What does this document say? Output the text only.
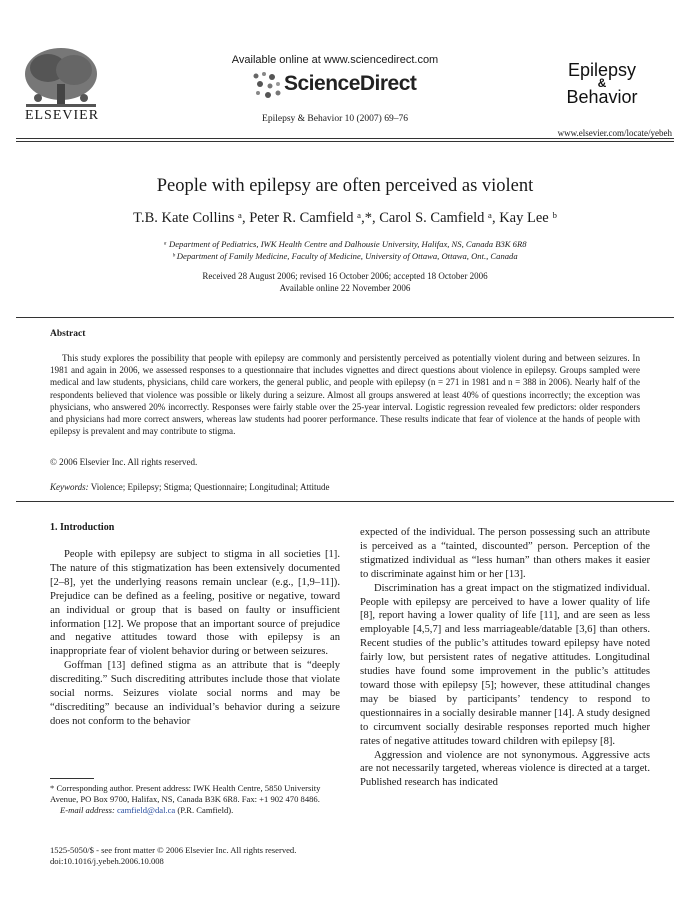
ELSEVIER
Available online at www.sciencedirect.com
ScienceDirect
Epilepsy & Behavior 10 (2007) 69–76
Epilepsy
&
Behavior
www.elsevier.com/locate/yebeh
People with epilepsy are often perceived as violent
T.B. Kate Collins ᵃ, Peter R. Camfield ᵃ,*, Carol S. Camfield ᵃ, Kay Lee ᵇ
ᵃ Department of Pediatrics, IWK Health Centre and Dalhousie University, Halifax, NS, Canada B3K 6R8
ᵇ Department of Family Medicine, Faculty of Medicine, University of Ottawa, Ottawa, Ont., Canada
Received 28 August 2006; revised 16 October 2006; accepted 18 October 2006
Available online 22 November 2006
Abstract
This study explores the possibility that people with epilepsy are commonly and persistently perceived as potentially violent during and between seizures. In 1981 and again in 2006, we assessed responses to a questionnaire that includes vignettes and direct questions about violence in epilepsy. Groups sampled were medical and law students, physicians, child care workers, the general public, and people with epilepsy (n = 271 in 1981 and n = 388 in 2006). Nearly half of the respondents believed that violence was possible or likely during a seizure. Almost all groups answered at least 40% of questions incorrectly; the exception was physicians, who answered 20% incorrectly. Responses were fairly stable over the 25-year interval. Logistic regression revealed few predictors: older responders and physicians had more correct answers, whereas law students had poorer performance. These results indicate that fear of violence at the hands of people with epilepsy is prevalent and may contribute to stigma.
© 2006 Elsevier Inc. All rights reserved.
Keywords: Violence; Epilepsy; Stigma; Questionnaire; Longitudinal; Attitude
1. Introduction

People with epilepsy are subject to stigma in all societies [1]. The nature of this stigmatization has been extensively documented [2–8], yet the underlying reasons remain unclear (e.g., [1,9–11]). Prejudice can be defined as a feeling, positive or negative, toward an individual or group that is based on faulty or insufficient information [12]. We propose that an important source of prejudice and negative attitudes toward those with epilepsy is an inappropriate fear of violent behavior during or between seizures.

Goffman [13] defined stigma as an attribute that is “deeply discrediting.” Such discrediting attributes include those that violate social norms. Seizures violate social norms and may be “discrediting” because an individual’s behavior during a seizure does not conform to the behavior

expected of the individual. The person possessing such an attribute is perceived as a “tainted, discounted” person. Perception of the stigmatized individual as “less human” than others makes it easier to discriminate against him or her [13].

Discrimination has a great impact on the stigmatized individual. People with epilepsy are perceived to have a lower quality of life [8], report having a lower quality of life [11], and are seen as less employable [4,5,7] and less marriageable/datable [3,6] than others. Recent studies of the public’s attitudes toward epilepsy have noted fairly low, but persistent rates of negative attitudes. Longitudinal studies have found some improvement in the public’s attitudes toward those with epilepsy [5]; however, these attitudinal changes may be biased by participants’ tendency to respond to questionnaires in a socially desirable manner [14]. A study designed to circumvent socially desirable responses reported much higher rates of negative attitudes toward children with epilepsy [8].

Aggression and violence are not synonymous. Aggressive acts are not necessarily targeted, whereas violence is directed at a target. Published research has indicated

* Corresponding author. Present address: IWK Health Centre, 5850 University Avenue, PO Box 9700, Halifax, NS, Canada B3K 6R8. Fax: +1 902 470 8486.
E-mail address: camfield@dal.ca (P.R. Camfield).
1525-5050/$ - see front matter © 2006 Elsevier Inc. All rights reserved.
doi:10.1016/j.yebeh.2006.10.008
